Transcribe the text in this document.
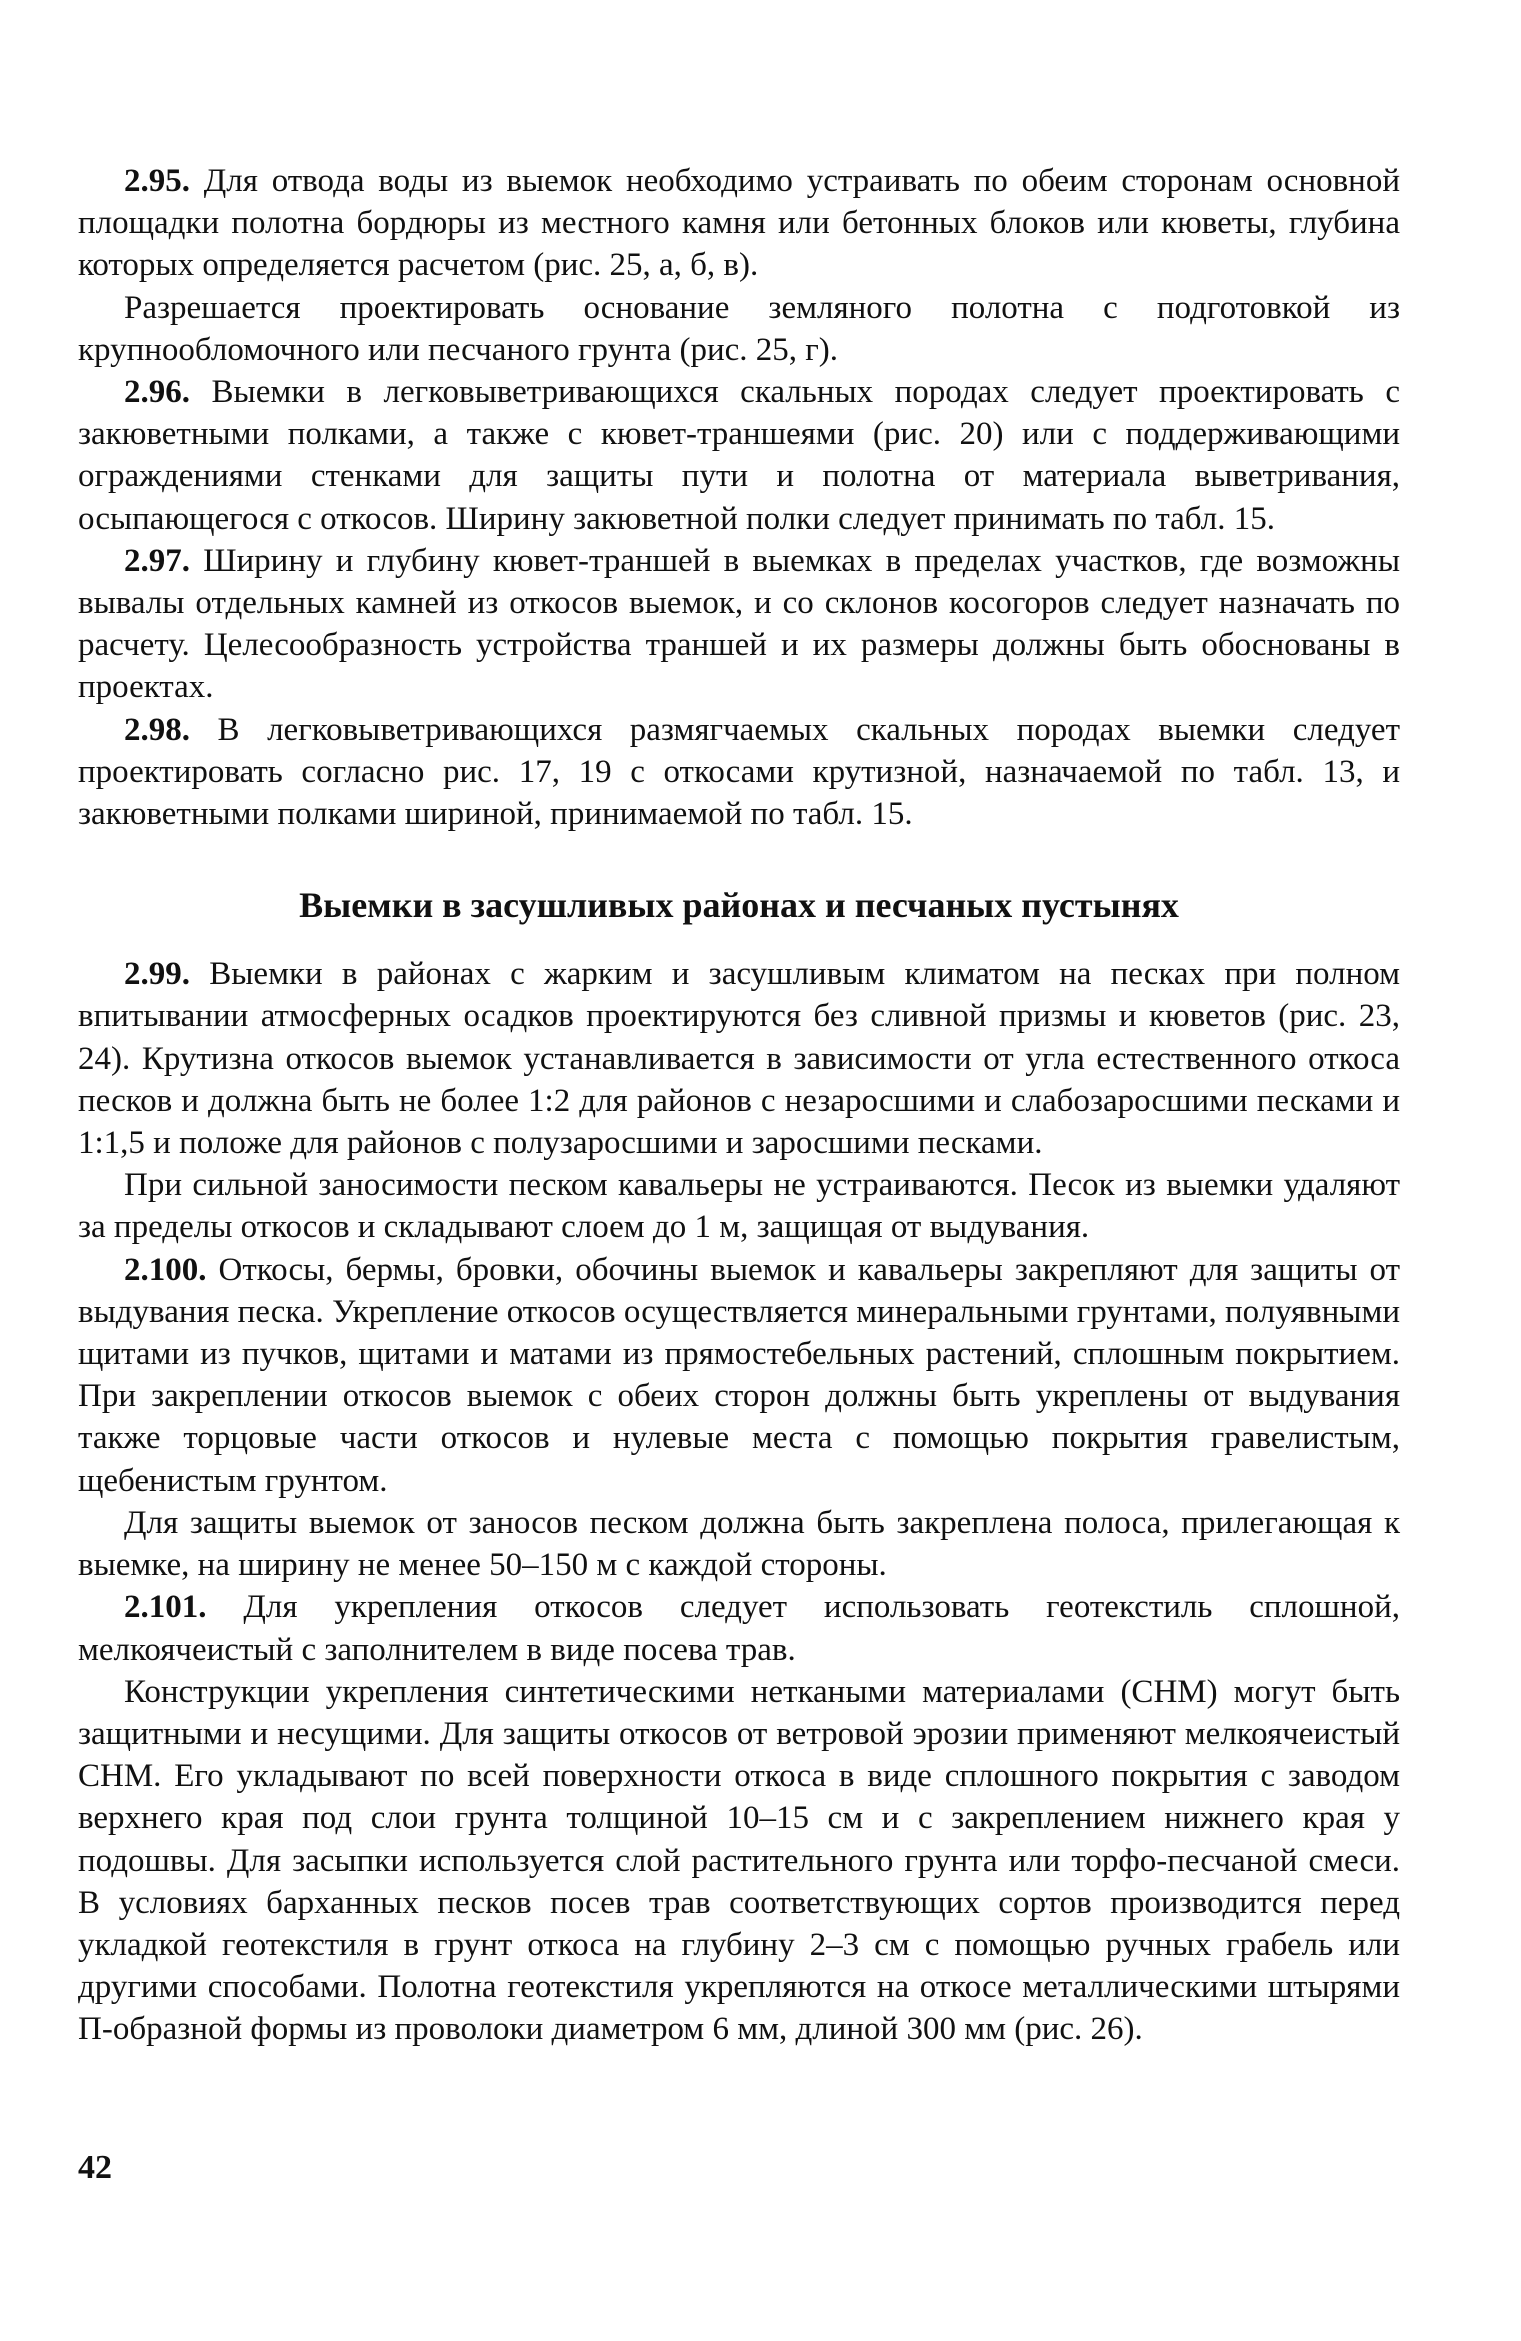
2.95. Для отвода воды из выемок необходимо устраивать по обеим сторонам основной площадки полотна бордюры из местного камня или бетонных блоков или кюветы, глубина которых определяется расчетом (рис. 25, а, б, в).

Разрешается проектировать основание земляного полотна с подготовкой из крупнообломочного или песчаного грунта (рис. 25, г).

2.96. Выемки в легковыветривающихся скальных породах следует проектировать с закюветными полками, а также с кювет-траншеями (рис. 20) или с поддерживающими ограждениями стенками для защиты пути и полотна от материала выветривания, осыпающегося с откосов. Ширину закюветной полки следует принимать по табл. 15.

2.97. Ширину и глубину кювет-траншей в выемках в пределах участков, где возможны вывалы отдельных камней из откосов выемок, и со склонов косогоров следует назначать по расчету. Целесообразность устройства траншей и их размеры должны быть обоснованы в проектах.

2.98. В легковыветривающихся размягчаемых скальных породах выемки следует проектировать согласно рис. 17, 19 с откосами крутизной, назначаемой по табл. 13, и закюветными полками шириной, принимаемой по табл. 15.

Выемки в засушливых районах и песчаных пустынях

2.99. Выемки в районах с жарким и засушливым климатом на песках при полном впитывании атмосферных осадков проектируются без сливной призмы и кюветов (рис. 23, 24). Крутизна откосов выемок устанавливается в зависимости от угла естественного откоса песков и должна быть не более 1:2 для районов с незаросшими и слабозаросшими песками и 1:1,5 и положе для районов с полузаросшими и заросшими песками.

При сильной заносимости песком кавальеры не устраиваются. Песок из выемки удаляют за пределы откосов и складывают слоем до 1 м, защищая от выдувания.

2.100. Откосы, бермы, бровки, обочины выемок и кавальеры закрепляют для защиты от выдувания песка. Укрепление откосов осуществляется минеральными грунтами, полуявными щитами из пучков, щитами и матами из прямостебельных растений, сплошным покрытием. При закреплении откосов выемок с обеих сторон должны быть укреплены от выдувания также торцовые части откосов и нулевые места с помощью покрытия гравелистым, щебенистым грунтом.

Для защиты выемок от заносов песком должна быть закреплена полоса, прилегающая к выемке, на ширину не менее 50–150 м с каждой стороны.

2.101. Для укрепления откосов следует использовать геотекстиль сплошной, мелкоячеистый с заполнителем в виде посева трав.

Конструкции укрепления синтетическими неткаными материалами (СНМ) могут быть защитными и несущими. Для защиты откосов от ветровой эрозии применяют мелкоячеистый СНМ. Его укладывают по всей поверхности откоса в виде сплошного покрытия с заводом верхнего края под слои грунта толщиной 10–15 см и с закреплением нижнего края у подошвы. Для засыпки используется слой растительного грунта или торфо-песчаной смеси. В условиях барханных песков посев трав соответствующих сортов производится перед укладкой геотекстиля в грунт откоса на глубину 2–3 см с помощью ручных грабель или другими способами. Полотна геотекстиля укрепляются на откосе металлическими штырями П-образной формы из проволоки диаметром 6 мм, длиной 300 мм (рис. 26).

42
